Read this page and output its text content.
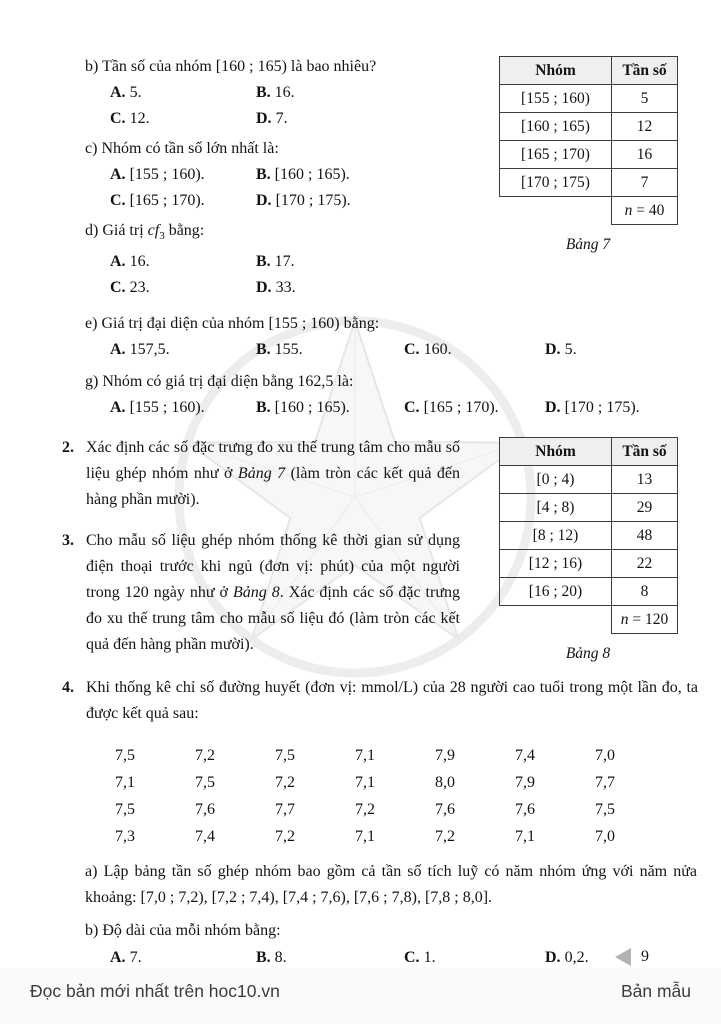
b) Tần số của nhóm [160 ; 165) là bao nhiêu?
A. 5.	B. 16.
C. 12.	D. 7.
c) Nhóm có tần số lớn nhất là:
A. [155 ; 160).	B. [160 ; 165).
C. [165 ; 170).	D. [170 ; 175).
d) Giá trị $cf_3$ bằng:
A. 16.	B. 17.
C. 23.	D. 33.
Nhóm	Tần số
[155 ; 160)	5
[160 ; 165)	12
[165 ; 170)	16
[170 ; 175)	7
	n = 40
Bảng 7
e) Giá trị đại diện của nhóm [155 ; 160) bằng:
A. 157,5.	B. 155.	C. 160.	D. 5.
g) Nhóm có giá trị đại diện bằng 162,5 là:
A. [155 ; 160).	B. [160 ; 165).	C. [165 ; 170).	D. [170 ; 175).
2. Xác định các số đặc trưng đo xu thế trung tâm cho mẫu số liệu ghép nhóm như ở Bảng 7 (làm tròn các kết quả đến hàng phần mười).
3. Cho mẫu số liệu ghép nhóm thống kê thời gian sử dụng điện thoại trước khi ngủ (đơn vị: phút) của một người trong 120 ngày như ở Bảng 8. Xác định các số đặc trưng đo xu thế trung tâm cho mẫu số liệu đó (làm tròn các kết quả đến hàng phần mười).
Nhóm	Tần số
[0 ; 4)	13
[4 ; 8)	29
[8 ; 12)	48
[12 ; 16)	22
[16 ; 20)	8
	n = 120
Bảng 8
4. Khi thống kê chỉ số đường huyết (đơn vị: mmol/L) của 28 người cao tuổi trong một lần đo, ta được kết quả sau:
7,5	7,2	7,5	7,1	7,9	7,4	7,0
7,1	7,5	7,2	7,1	8,0	7,9	7,7
7,5	7,6	7,7	7,2	7,6	7,6	7,5
7,3	7,4	7,2	7,1	7,2	7,1	7,0
a) Lập bảng tần số ghép nhóm bao gồm cả tần số tích luỹ có năm nhóm ứng với năm nửa khoảng: [7,0 ; 7,2), [7,2 ; 7,4), [7,4 ; 7,6), [7,6 ; 7,8), [7,8 ; 8,0].
b) Độ dài của mỗi nhóm bằng:
A. 7.	B. 8.	C. 1.	D. 0,2.	9
Đọc bản mới nhất trên hoc10.vn	Bản mẫu
